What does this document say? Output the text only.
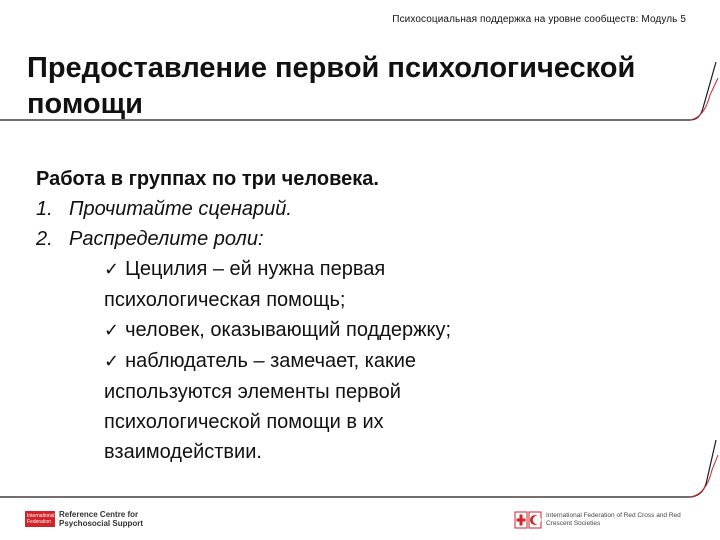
Психосоциальная поддержка на уровне сообществ: Модуль 5
Предоставление первой психологической помощи
Работа в группах по три человека.
1. Прочитайте сценарий.
2. Распределите роли:
✓ Цецилия – ей нужна первая
психологическая помощь;
✓ человек, оказывающий поддержку;
✓ наблюдатель – замечает, какие
используются элементы первой
психологической помощи в их
взаимодействии.
International Federation
Reference Centre for Psychosocial Support
International Federation of Red Cross and Red Crescent Societies
